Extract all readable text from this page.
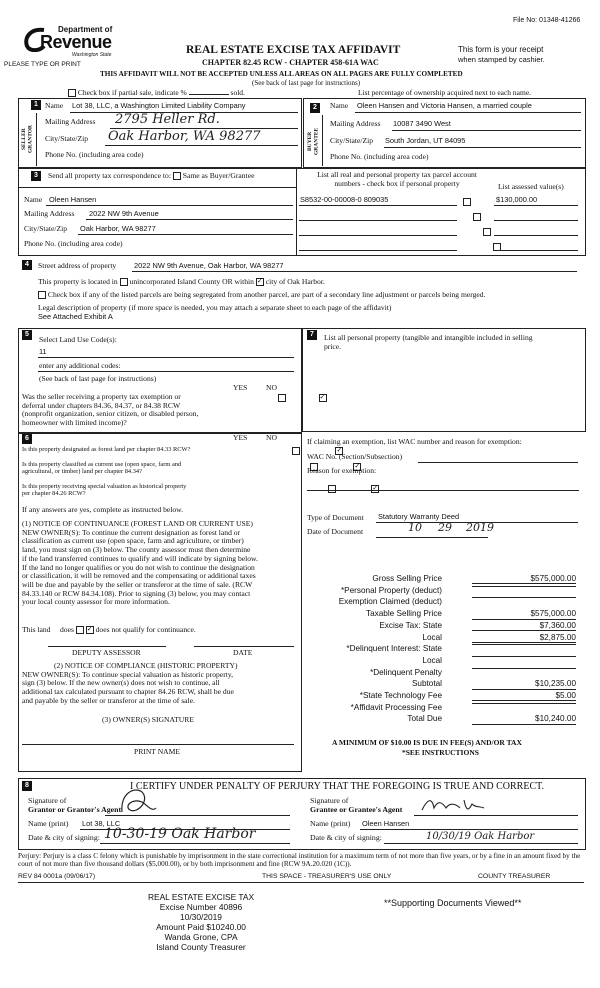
File No: 01348-41266
Department of
Revenue
Washington State
PLEASE TYPE OR PRINT
REAL ESTATE EXCISE TAX AFFIDAVIT
CHAPTER 82.45 RCW - CHAPTER 458-61A WAC
This form is your receipt
when stamped by cashier.
THIS AFFIDAVIT WILL NOT BE ACCEPTED UNLESS ALL AREAS ON ALL PAGES ARE FULLY COMPLETED
(See back of last page for instructions)
Check box if partial sale, indicate %	sold.	List percentage of ownership acquired next to each name.
1
SELLER GRANTOR
Name Lot 38, LLC, a Washington Limited Liability Company
Mailing Address 2795 Heller Rd.
City/State/Zip Oak Harbor, WA 98277
Phone No. (including area code)
2
BUYER GRANTEE
Name Oleen Hansen and Victoria Hansen, a married couple
Mailing Address 10087 3490 West
City/State/Zip South Jordan, UT 84095
Phone No. (including area code)
3	Send all property tax correspondence to: Same as Buyer/Grantee
Name Oleen Hansen
Mailing Address 2022 NW 9th Avenue
City/State/Zip Oak Harbor, WA 98277
Phone No. (including area code)
List all real and personal property tax parcel account
numbers - check box if personal property	List assessed value(s)
S8532-00-00008-0 809035	$130,000.00

4	Street address of property 2022 NW 9th Avenue, Oak Harbor, WA 98277
This property is located in unincorporated Island County OR within ✓ city of Oak Harbor.
Check box if any of the listed parcels are being segregated from another parcel, are part of a secondary line adjustment or parcels being merged.
Legal description of property (if more space is needed, you may attach a separate sheet to each page of the affidavit)
See Attached Exhibit A
5
Select Land Use Code(s):
11
enter any additional codes:
(See back of last page for instructions)
YES NO
Was the seller receiving a property tax exemption or
deferral under chapters 84.36, 84.37, or 84.38 RCW
(nonprofit organization, senior citizen, or disabled person,
homeowner with limited income)?
✓
6	YES NO
Is this property designated as forest land per chapter 84.33 RCW?
✓
Is this property classified as current use (open space, farm and
agricultural, or timber) land per chapter 84.34?
✓
Is this property receiving special valuation as historical property
per chapter 84.26 RCW?
✓
If any answers are yes, complete as instructed below.
(1) NOTICE OF CONTINUANCE (FOREST LAND OR CURRENT USE)
NEW OWNER(S): To continue the current designation as forest land or
classification as current use (open space, farm and agriculture, or timber)
land, you must sign on (3) below. The county assessor must then determine
if the land transferred continues to qualify and will indicate by signing below.
If the land no longer qualifies or you do not wish to continue the designation
or classification, it will be removed and the compensating or additional taxes
will be due and payable by the seller or transferor at the time of sale. (RCW
84.33.140 or RCW 84.34.108). Prior to signing (3) below, you may contact
your local county assessor for more information.
This land does ✓	does not qualify for continuance.
DEPUTY ASSESSOR	DATE
(2) NOTICE OF COMPLIANCE (HISTORIC PROPERTY)
NEW OWNER(S): To continue special valuation as historic property,
sign (3) below. If the new owner(s) does not wish to continue, all
additional tax calculated pursuant to chapter 84.26 RCW, shall be due
and payable by the seller or transferor at the time of sale.
(3) OWNER(S) SIGNATURE
PRINT NAME
7	List all personal property (tangible and intangible included in selling
price.
If claiming an exemption, list WAC number and reason for exemption:
WAC No. (Section/Subsection)
Reason for exemption:
Type of Document Statutory Warranty Deed
Date of Document	10 29 2019
Gross Selling Price	$575,000.00
*Personal Property (deduct)
Exemption Claimed (deduct)
Taxable Selling Price	$575,000.00
Excise Tax: State	$7,360.00
Local	$2,875.00
*Delinquent Interest: State
Local
*Delinquent Penalty
Subtotal	$10,235.00
*State Technology Fee	$5.00
*Affidavit Processing Fee
Total Due	$10,240.00
A MINIMUM OF $10.00 IS DUE IN FEE(S) AND/OR TAX
*SEE INSTRUCTIONS
8	I CERTIFY UNDER PENALTY OF PERJURY THAT THE FOREGOING IS TRUE AND CORRECT.
Signature of
Grantor or Grantor's Agent
Name (print) Lot 38, LLC
Date & city of signing: 10-30-19 Oak Harbor
Signature of
Grantee or Grantee's Agent
Name (print) Oleen Hansen
Date & city of signing:	10/30/19 Oak Harbor
Perjury: Perjury is a class C felony which is punishable by imprisonment in the state correctional institution for a maximum term of not more than five years, or by a fine in an amount fixed by the court of not more than five thousand dollars ($5,000.00), or by both imprisonment and fine (RCW 9A.20.020 (1C)).
REV 84 0001a (09/06/17)	THIS SPACE - TREASURER'S USE ONLY	COUNTY TREASURER
REAL ESTATE EXCISE TAX
Excise Number 40896
10/30/2019
Amount Paid $10240.00
Wanda Grone, CPA
Island County Treasurer
**Supporting Documents Viewed**
